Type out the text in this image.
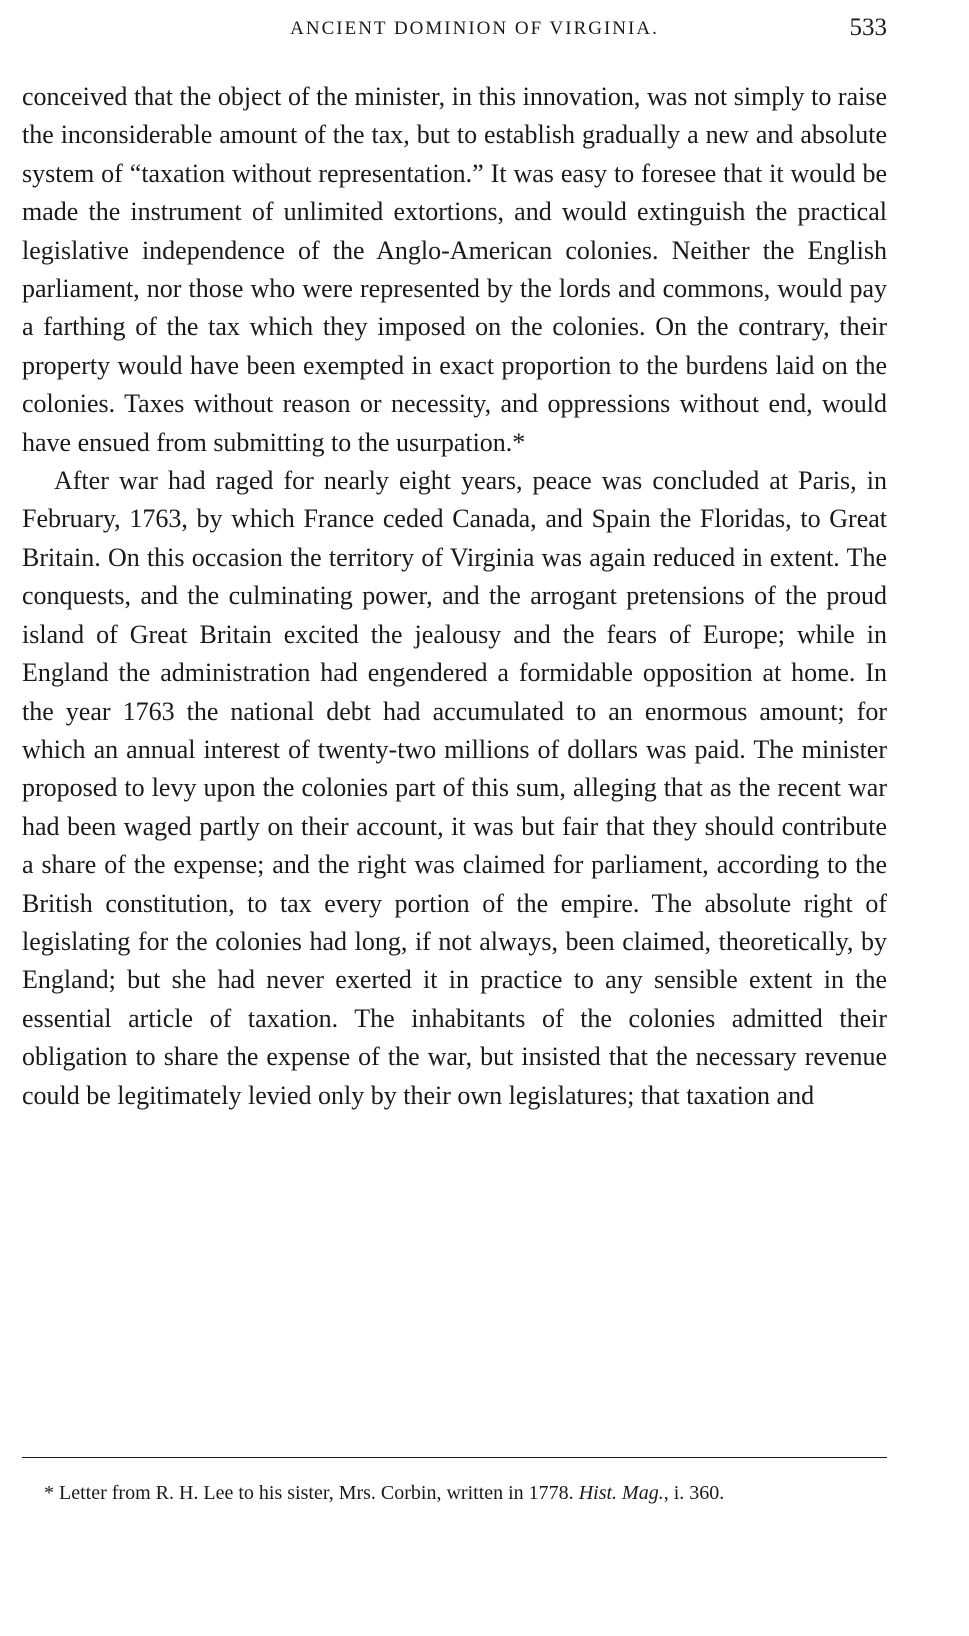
ANCIENT DOMINION OF VIRGINIA.	533

conceived that the object of the minister, in this innovation, was not simply to raise the inconsiderable amount of the tax, but to establish gradually a new and absolute system of “taxation without representation.” It was easy to foresee that it would be made the instrument of unlimited extortions, and would extinguish the practical legislative independence of the Anglo-American colonies. Neither the English parliament, nor those who were represented by the lords and commons, would pay a farthing of the tax which they imposed on the colonies. On the contrary, their property would have been exempted in exact proportion to the burdens laid on the colonies. Taxes without reason or necessity, and oppressions without end, would have ensued from submitting to the usurpation.*

After war had raged for nearly eight years, peace was concluded at Paris, in February, 1763, by which France ceded Canada, and Spain the Floridas, to Great Britain. On this occasion the territory of Virginia was again reduced in extent. The conquests, and the culminating power, and the arrogant pretensions of the proud island of Great Britain excited the jealousy and the fears of Europe; while in England the administration had engendered a formidable opposition at home. In the year 1763 the national debt had accumulated to an enormous amount; for which an annual interest of twenty-two millions of dollars was paid. The minister proposed to levy upon the colonies part of this sum, alleging that as the recent war had been waged partly on their account, it was but fair that they should contribute a share of the expense; and the right was claimed for parliament, according to the British constitution, to tax every portion of the empire. The absolute right of legislating for the colonies had long, if not always, been claimed, theoretically, by England; but she had never exerted it in practice to any sensible extent in the essential article of taxation. The inhabitants of the colonies admitted their obligation to share the expense of the war, but insisted that the necessary revenue could be legitimately levied only by their own legislatures; that taxation and

* Letter from R. H. Lee to his sister, Mrs. Corbin, written in 1778. Hist. Mag., i. 360.
